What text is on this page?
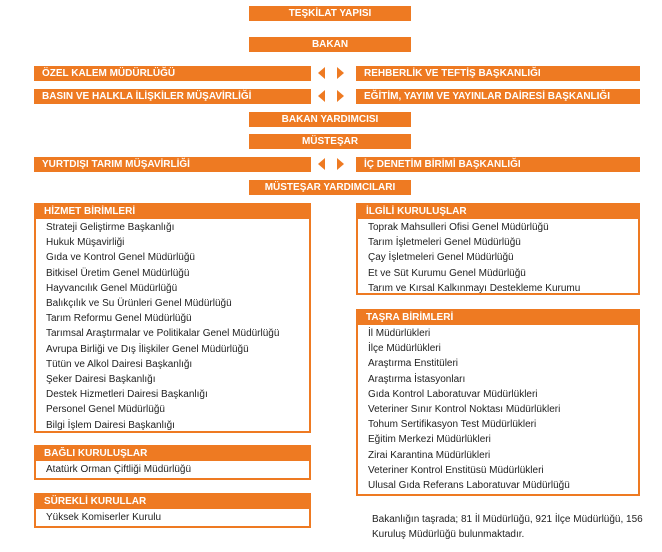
TEŞKİLAT YAPISI
BAKAN
ÖZEL KALEM MÜDÜRLÜĞÜ	REHBERLİK VE TEFTİŞ BAŞKANLIĞI
BASIN VE HALKLA İLİŞKİLER MÜŞAVİRLİĞİ	EĞİTİM, YAYIM VE YAYINLAR DAİRESİ BAŞKANLIĞI
BAKAN YARDIMCISI
MÜSTEŞAR
YURTDIŞI TARIM MÜŞAVİRLİĞİ	İÇ DENETİM BİRİMİ BAŞKANLIĞI
MÜSTEŞAR YARDIMCILARI
HİZMET BİRİMLERİ
Strateji Geliştirme Başkanlığı
Hukuk Müşavirliği
Gıda ve Kontrol Genel Müdürlüğü
Bitkisel Üretim Genel Müdürlüğü
Hayvancılık Genel Müdürlüğü
Balıkçılık ve Su Ürünleri Genel Müdürlüğü
Tarım Reformu Genel Müdürlüğü
Tarımsal Araştırmalar ve Politikalar Genel Müdürlüğü
Avrupa Birliği ve Dış İlişkiler Genel Müdürlüğü
Tütün ve Alkol Dairesi Başkanlığı
Şeker Dairesi Başkanlığı
Destek Hizmetleri Dairesi Başkanlığı
Personel Genel Müdürlüğü
Bilgi İşlem Dairesi Başkanlığı
BAĞLI KURULUŞLAR
Atatürk Orman Çiftliği Müdürlüğü
SÜREKLİ KURULLAR
Yüksek Komiserler Kurulu
İLGİLİ KURULUŞLAR
Toprak Mahsulleri Ofisi Genel Müdürlüğü
Tarım İşletmeleri Genel Müdürlüğü
Çay İşletmeleri Genel Müdürlüğü
Et ve Süt Kurumu Genel Müdürlüğü
Tarım ve Kırsal Kalkınmayı Destekleme Kurumu
TAŞRA BİRİMLERİ
İl Müdürlükleri
İlçe Müdürlükleri
Araştırma Enstitüleri
Araştırma İstasyonları
Gıda Kontrol Laboratuvar Müdürlükleri
Veteriner Sınır Kontrol Noktası Müdürlükleri
Tohum Sertifikasyon Test Müdürlükleri
Eğitim Merkezi Müdürlükleri
Zirai Karantina Müdürlükleri
Veteriner Kontrol Enstitüsü Müdürlükleri
Ulusal Gıda Referans Laboratuvar Müdürlüğü
Bakanlığın taşrada; 81 İl Müdürlüğü, 921 İlçe Müdürlüğü, 156 Kuruluş Müdürlüğü bulunmaktadır.
